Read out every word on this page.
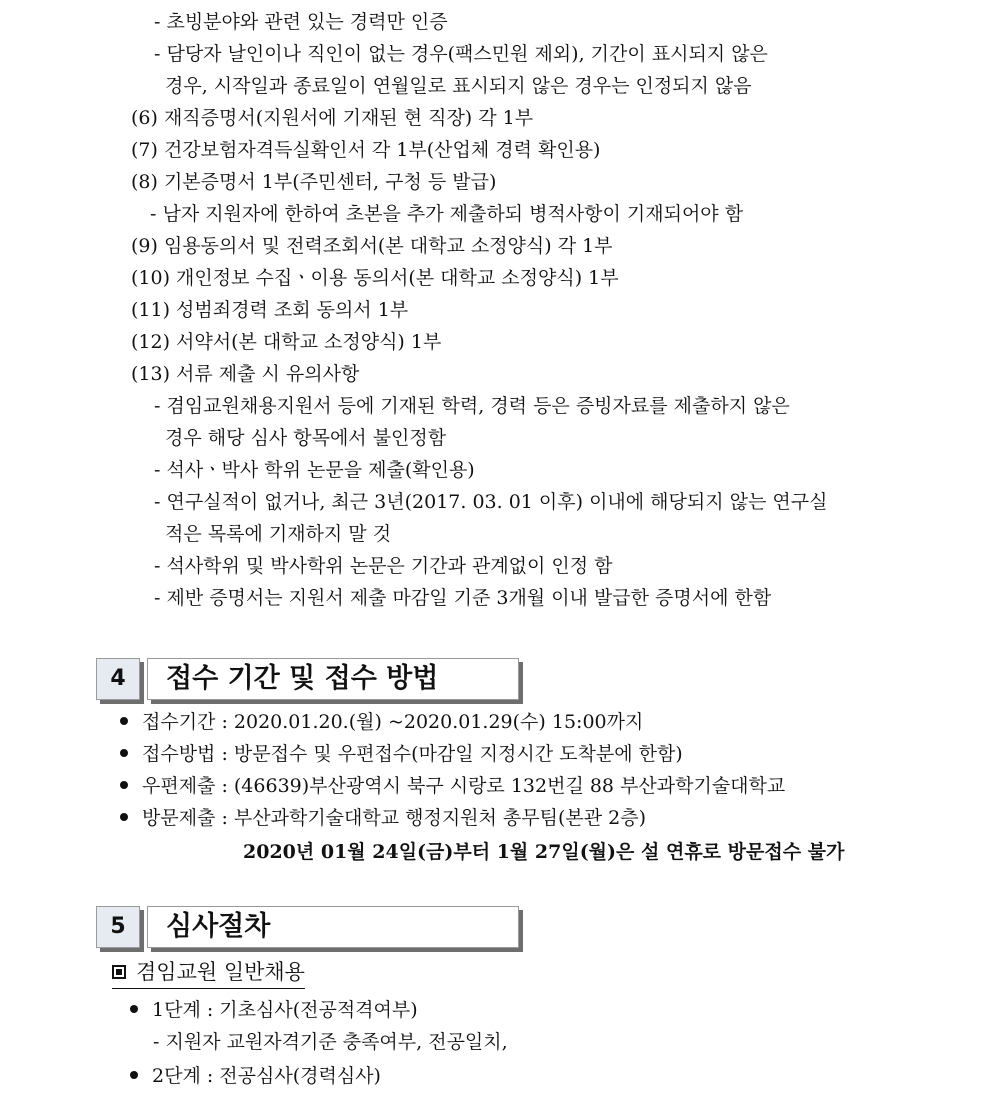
- 초빙분야와 관련 있는 경력만 인증
- 담당자 날인이나 직인이 없는 경우(팩스민원 제외), 기간이 표시되지 않은
경우, 시작일과 종료일이 연월일로 표시되지 않은 경우는 인정되지 않음
(6) 재직증명서(지원서에 기재된 현 직장) 각 1부
(7) 건강보험자격득실확인서 각 1부(산업체 경력 확인용)
(8) 기본증명서 1부(주민센터, 구청 등 발급)
- 남자 지원자에 한하여 초본을 추가 제출하되 병적사항이 기재되어야 함
(9) 임용동의서 및 전력조회서(본 대학교 소정양식) 각 1부
(10) 개인정보 수집ㆍ이용 동의서(본 대학교 소정양식) 1부
(11) 성범죄경력 조회 동의서 1부
(12) 서약서(본 대학교 소정양식) 1부
(13) 서류 제출 시 유의사항
- 겸임교원채용지원서 등에 기재된 학력, 경력 등은 증빙자료를 제출하지 않은
경우 해당 심사 항목에서 불인정함
- 석사ㆍ박사 학위 논문을 제출(확인용)
- 연구실적이 없거나, 최근 3년(2017. 03. 01 이후) 이내에 해당되지 않는 연구실
적은 목록에 기재하지 말 것
- 석사학위 및 박사학위 논문은 기간과 관계없이 인정 함
- 제반 증명서는 지원서 제출 마감일 기준 3개월 이내 발급한 증명서에 한함
4	접수 기간 및 접수 방법
접수기간 : 2020.01.20.(월) ~2020.01.29(수) 15:00까지
접수방법 : 방문접수 및 우편접수(마감일 지정시간 도착분에 한함)
우편제출 : (46639)부산광역시 북구 시랑로 132번길 88 부산과학기술대학교
방문제출 : 부산과학기술대학교 행정지원처 총무팀(본관 2층)
2020년 01월 24일(금)부터 1월 27일(월)은 설 연휴로 방문접수 불가
5	심사절차
겸임교원 일반채용
1단계 : 기초심사(전공적격여부)
- 지원자 교원자격기준 충족여부, 전공일치,
2단계 : 전공심사(경력심사)
